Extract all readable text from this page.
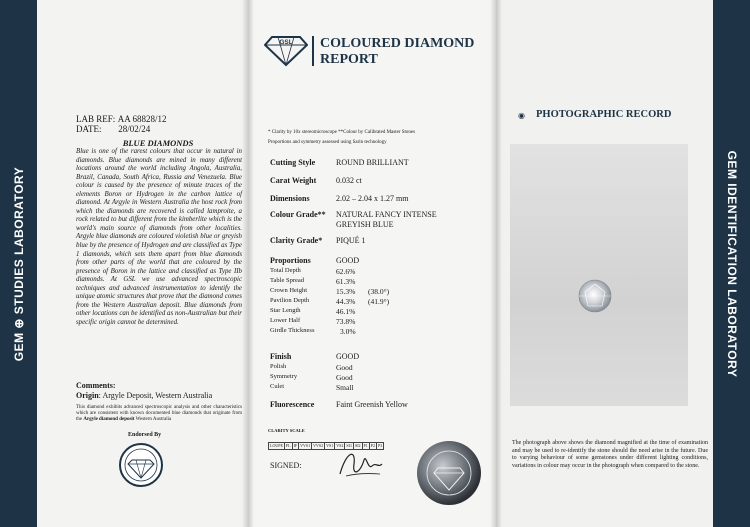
GEM ⊕ STUDIES LABORATORY
LAB REF: AA 68828/12
DATE: 28/02/24
BLUE DIAMONDS
Blue is one of the rarest colours that occur in natural in diamonds. Blue diamonds are mined in many different locations around the world including Angola, Australia, Brazil, Canada, South Africa, Russia and Venezuela. Blue colour is caused by the presence of minute traces of the elements Boron or Hydrogen in the carbon lattice of diamond. At Argyle in Western Australia the host rock from which the diamonds are recovered is called lamproite, a rock related to but different from the kimberlite which is the world's main source of diamonds from other localities. Argyle blue diamonds are coloured violetish blue or greyish blue by the presence of Hydrogen and are classified as Type 1 diamonds, which sets them apart from blue diamonds from other parts of the world that are coloured by the presence of Boron in the lattice and classified as Type IIb diamonds. At GSL we use advanced spectroscopic techniques and advanced instrumentation to identify the unique atomic structures that prove that the diamond comes from the Western Australian deposit. Blue diamonds from other locations can be identified as non-Australian but their specific origin cannot be determined.
Comments:
Origin: Argyle Deposit, Western Australia
This diamond exhibits advanced spectroscopic analysis and other characteristics which are consistent with known documented blue diamonds that originate from the Argyle diamond deposit Western Australia
Endorsed By
GSL COLOURED DIAMOND
REPORT
* Clarity by 10x stereomicroscope **Colour by Calibrated Master Stones
Proportions and symmetry assessed using Sarin technology
Cutting Style	ROUND BRILLIANT
Carat Weight 0.032 ct
Dimensions	2.02 – 2.04 x 1.27 mm
Colour Grade** NATURAL FANCY INTENSE
GREYISH BLUE
Clarity Grade* PIQUÉ 1
Proportions	GOOD
Total Depth	62.6%
Table Spread	61.3%
Crown Height	15.3% (38.0°)
Pavilion Depth	44.3% (41.9°)
Star Length	46.1%
Lower Half	73.8%
Girdle Thickness	3.0%
Finish	GOOD
Polish	Good
Symmetry	Good
Culet	Small
Fluorescence	Faint Greenish Yellow
CLARITY SCALE
LOUPE FL IF VVS1 VVS2 VS1 VS2 SI1 SI2 P1 P2 P3
SIGNED:
◉ PHOTOGRAPHIC RECORD
The photograph above shows the diamond magnified at the time of examination and may be used to re-identify the stone should the need arise in the future. Due to varying behaviour of some gemstones under different lighting conditions, variations in colour may occur in the photograph when compared to the stone.
GEM IDENTIFICATION LABORATORY
